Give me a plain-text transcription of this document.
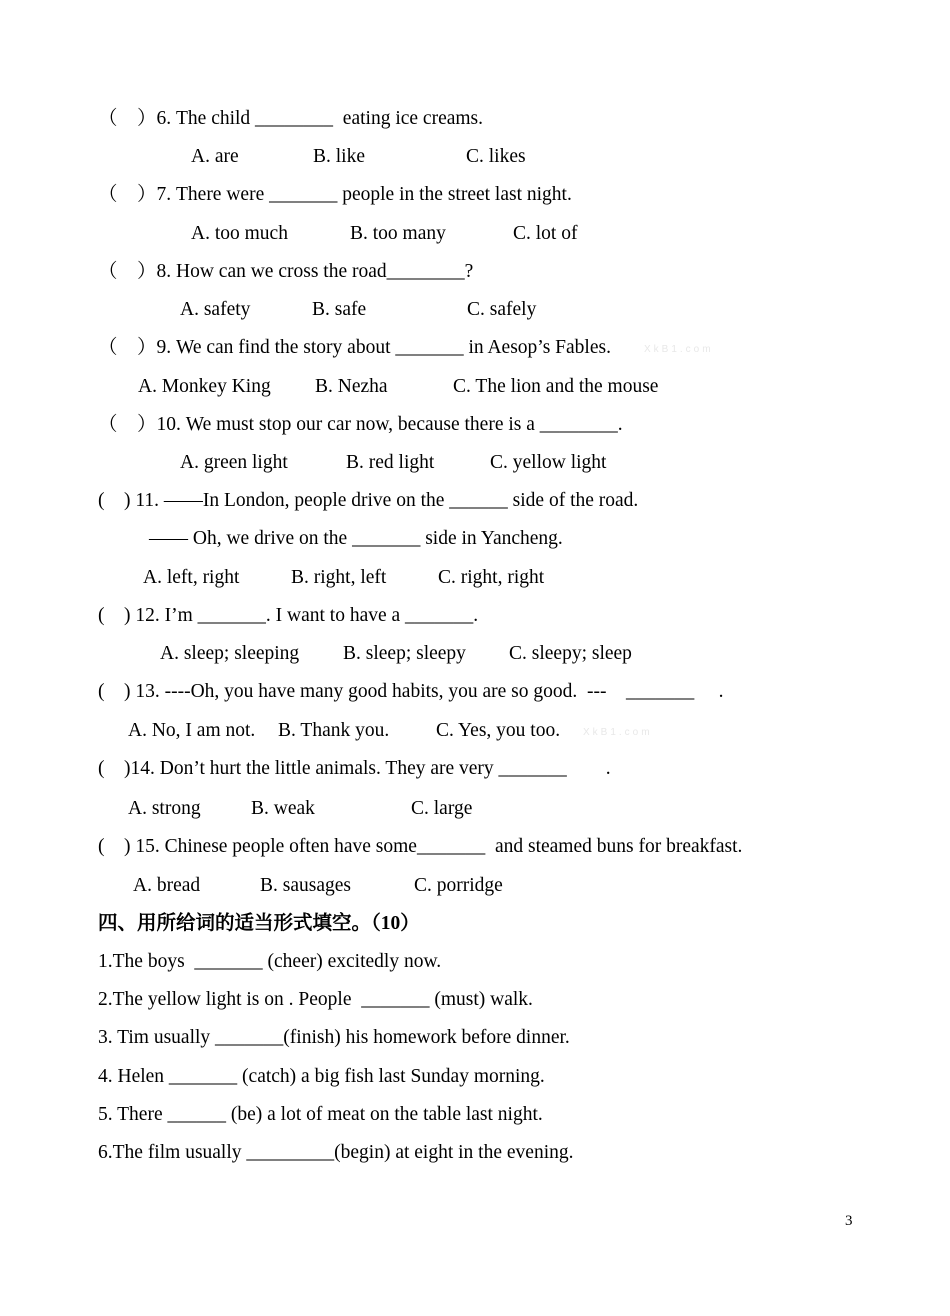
（    ）6. The child ________  eating ice creams.
A. are	B. like	C. likes
（    ）7. There were _______ people in the street last night.
A. too much	B. too many	C. lot of
（    ）8. How can we cross the road________?
A. safety	B. safe	C. safely
（    ）9. We can find the story about _______ in Aesop’s Fables.	XkB1.com
A. Monkey King B. Nezha	C. The lion and the mouse
（    ）10. We must stop our car now, because there is a ________.
A. green light	B. red light	C. yellow light
(    ) 11. ——In London, people drive on the ______ side of the road.
—— Oh, we drive on the _______ side in Yancheng.
A. left, right	B. right, left	C. right, right
(    ) 12. I’m _______. I want to have a _______.
A. sleep; sleeping B. sleep; sleepy C. sleepy; sleep
(    ) 13. ----Oh, you have many good habits, you are so good.  ---    _______     .
A. No, I am not. B. Thank you. C. Yes, you too. XkB1.com
(    )14. Don’t hurt the little animals. They are very _______        .
A. strong	B. weak	C. large
(    ) 15. Chinese people often have some_______  and steamed buns for breakfast.
A. bread	B. sausages	C. porridge
四、用所给词的适当形式填空。（10）
1.The boys  _______ (cheer) excitedly now.
2.The yellow light is on . People  _______ (must) walk.
3. Tim usually _______(finish) his homework before dinner.
4. Helen _______ (catch) a big fish last Sunday morning.
5. There ______ (be) a lot of meat on the table last night.
6.The film usually _________(begin) at eight in the evening.
3
